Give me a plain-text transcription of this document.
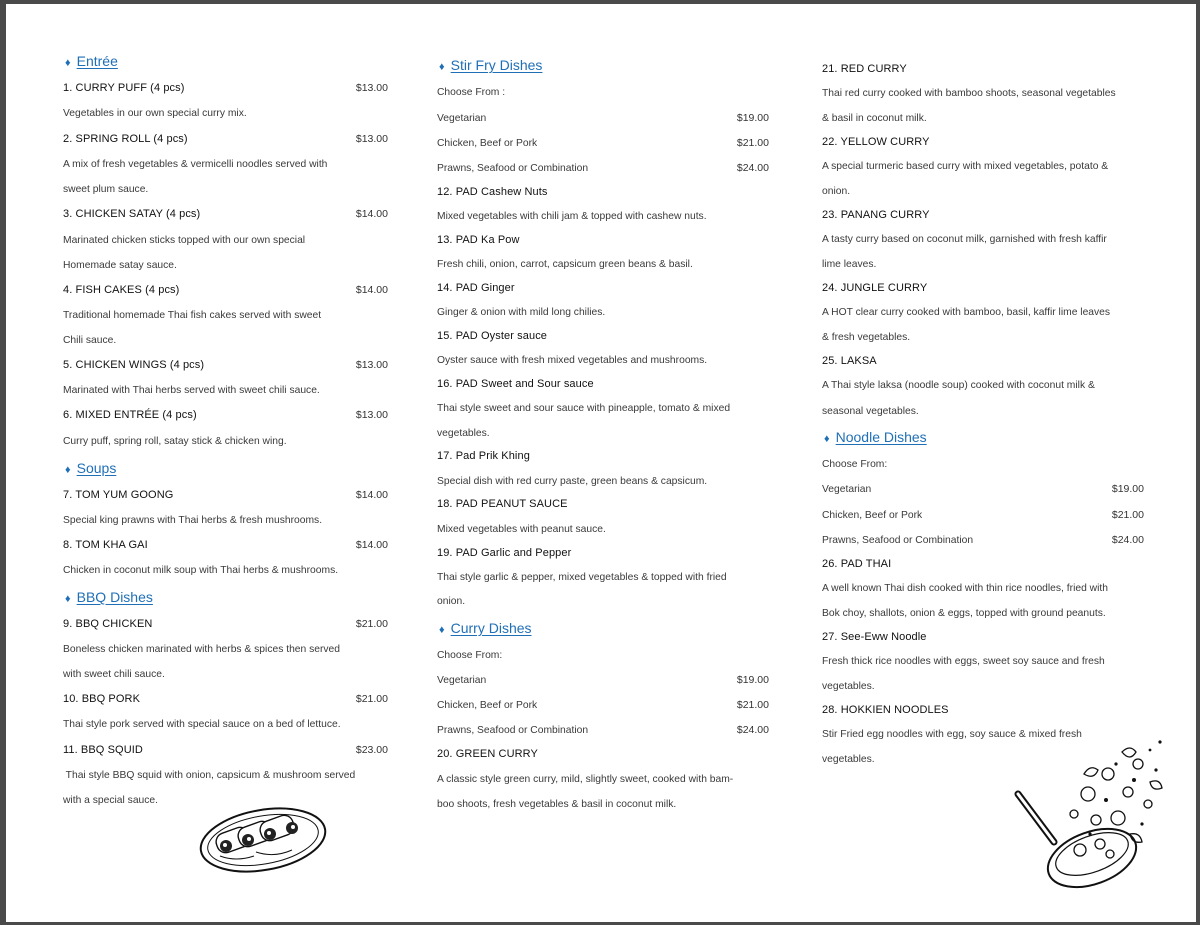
♦ Entrée
1. CURRY PUFF (4 pcs)	$13.00
Vegetables in our own special curry mix.
2. SPRING ROLL (4 pcs)	$13.00
A mix of fresh vegetables & vermicelli noodles served with
sweet plum sauce.
3. CHICKEN SATAY (4 pcs)	$14.00
Marinated chicken sticks topped with our own special
Homemade satay sauce.
4. FISH CAKES (4 pcs)	$14.00
Traditional homemade Thai fish cakes served with sweet
Chili sauce.
5. CHICKEN WINGS (4 pcs)	$13.00
Marinated with Thai herbs served with sweet chili sauce.
6. MIXED ENTRÉE (4 pcs)	$13.00
Curry puff, spring roll, satay stick & chicken wing.
♦ Soups
7. TOM YUM GOONG	$14.00
Special king prawns with Thai herbs & fresh mushrooms.
8. TOM KHA GAI	$14.00
Chicken in coconut milk soup with Thai herbs & mushrooms.
♦ BBQ Dishes
9. BBQ CHICKEN	$21.00
Boneless chicken marinated with herbs & spices then served
with sweet chili sauce.
10. BBQ PORK	$21.00
Thai style pork served with special sauce on a bed of lettuce.
11. BBQ SQUID	$23.00
Thai style BBQ squid with onion, capsicum & mushroom served
with a special sauce.
♦ Stir Fry Dishes
Choose From :
Vegetarian	$19.00
Chicken, Beef or Pork	$21.00
Prawns, Seafood or Combination	$24.00
12. PAD Cashew Nuts
Mixed vegetables with chili jam & topped with cashew nuts.
13. PAD Ka Pow
Fresh chili, onion, carrot, capsicum green beans & basil.
14. PAD Ginger
Ginger & onion with mild long chilies.
15. PAD Oyster sauce
Oyster sauce with fresh mixed vegetables and mushrooms.
16. PAD Sweet and Sour sauce
Thai style sweet and sour sauce with pineapple, tomato & mixed
vegetables.
17. Pad Prik Khing
Special dish with red curry paste, green beans & capsicum.
18. PAD PEANUT SAUCE
Mixed vegetables with peanut sauce.
19. PAD Garlic and Pepper
Thai style garlic & pepper, mixed vegetables & topped with fried
onion.
♦ Curry Dishes
Choose From:
Vegetarian	$19.00
Chicken, Beef or Pork	$21.00
Prawns, Seafood or Combination	$24.00
20. GREEN CURRY
A classic style green curry, mild, slightly sweet, cooked with bam-
boo shoots, fresh vegetables & basil in coconut milk.
21. RED CURRY
Thai red curry cooked with bamboo shoots, seasonal vegetables
& basil in coconut milk.
22. YELLOW CURRY
A special turmeric based curry with mixed vegetables, potato &
onion.
23. PANANG CURRY
A tasty curry based on coconut milk, garnished with fresh kaffir
lime leaves.
24. JUNGLE CURRY
A HOT clear curry cooked with bamboo, basil, kaffir lime leaves
& fresh vegetables.
25. LAKSA
A Thai style laksa (noodle soup) cooked with coconut milk &
seasonal vegetables.
♦ Noodle Dishes
Choose From:
Vegetarian	$19.00
Chicken, Beef or Pork	$21.00
Prawns, Seafood or Combination	$24.00
26. PAD THAI
A well known Thai dish cooked with thin rice noodles, fried with
Bok choy, shallots, onion & eggs, topped with ground peanuts.
27. See-Eww Noodle
Fresh thick rice noodles with eggs, sweet soy sauce and fresh
vegetables.
28. HOKKIEN NOODLES
Stir Fried egg noodles with egg, soy sauce & mixed fresh
vegetables.
